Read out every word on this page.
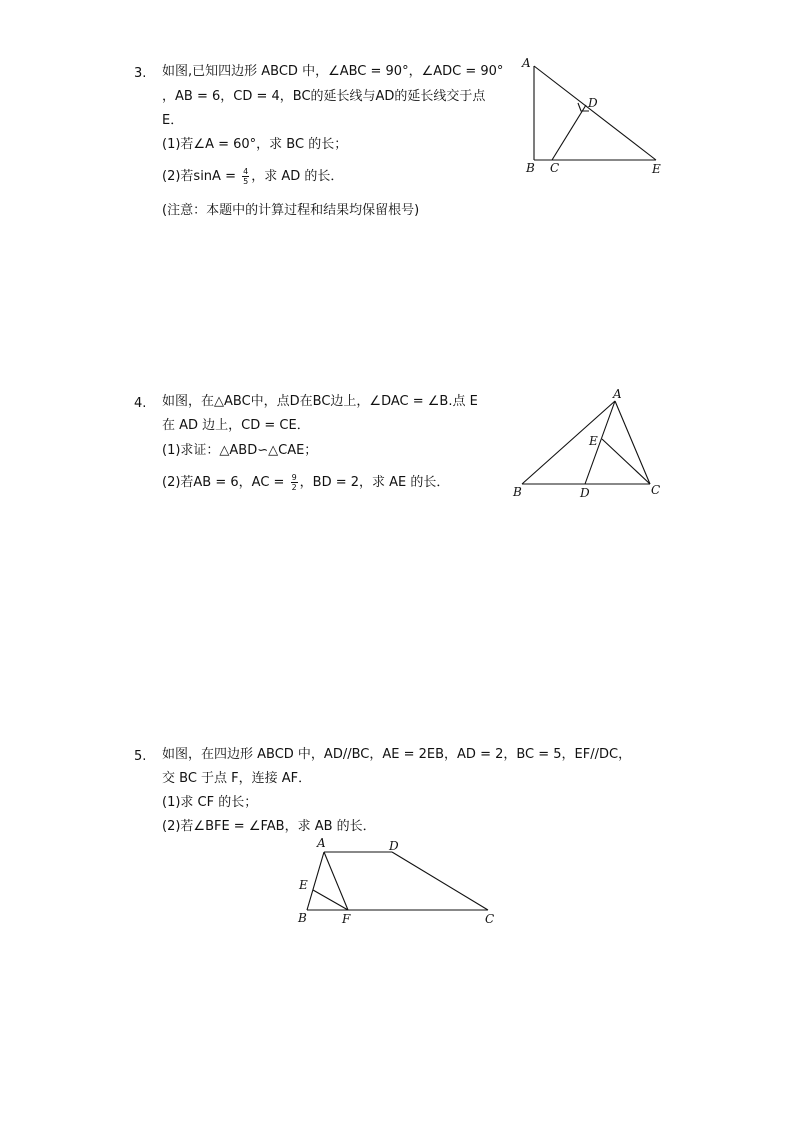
3. 如图,已知四边形 ABCD 中，∠ABC = 90°，∠ADC = 90°
，AB = 6，CD = 4，BC的延长线与AD的延长线交于点
E．
(1)若∠A = 60°，求 BC 的长；
(2)若$\sin A = \frac{4}{5}$ ，求 AD 的长．
(注意：本题中的计算过程和结果均保留根号)
A
D
B C	E
4. 如图，在△ABC中，点D在BC边上，∠DAC = ∠B.点 E
在 AD 边上，CD = CE．
(1)求证：△ABD∽△CAE；
(2)若AB = 6，AC = $\frac{9}{2}$ ，BD = 2，求 AE 的长．
A
E
B	D	C
5. 如图，在四边形 ABCD 中，AD//BC，AE = 2EB，AD = 2，BC = 5，EF//DC，
交 BC 于点 F，连接 AF．
(1)求 CF 的长；
(2)若∠BFE = ∠FAB，求 AB 的长．
A	D
E
B	F	C
